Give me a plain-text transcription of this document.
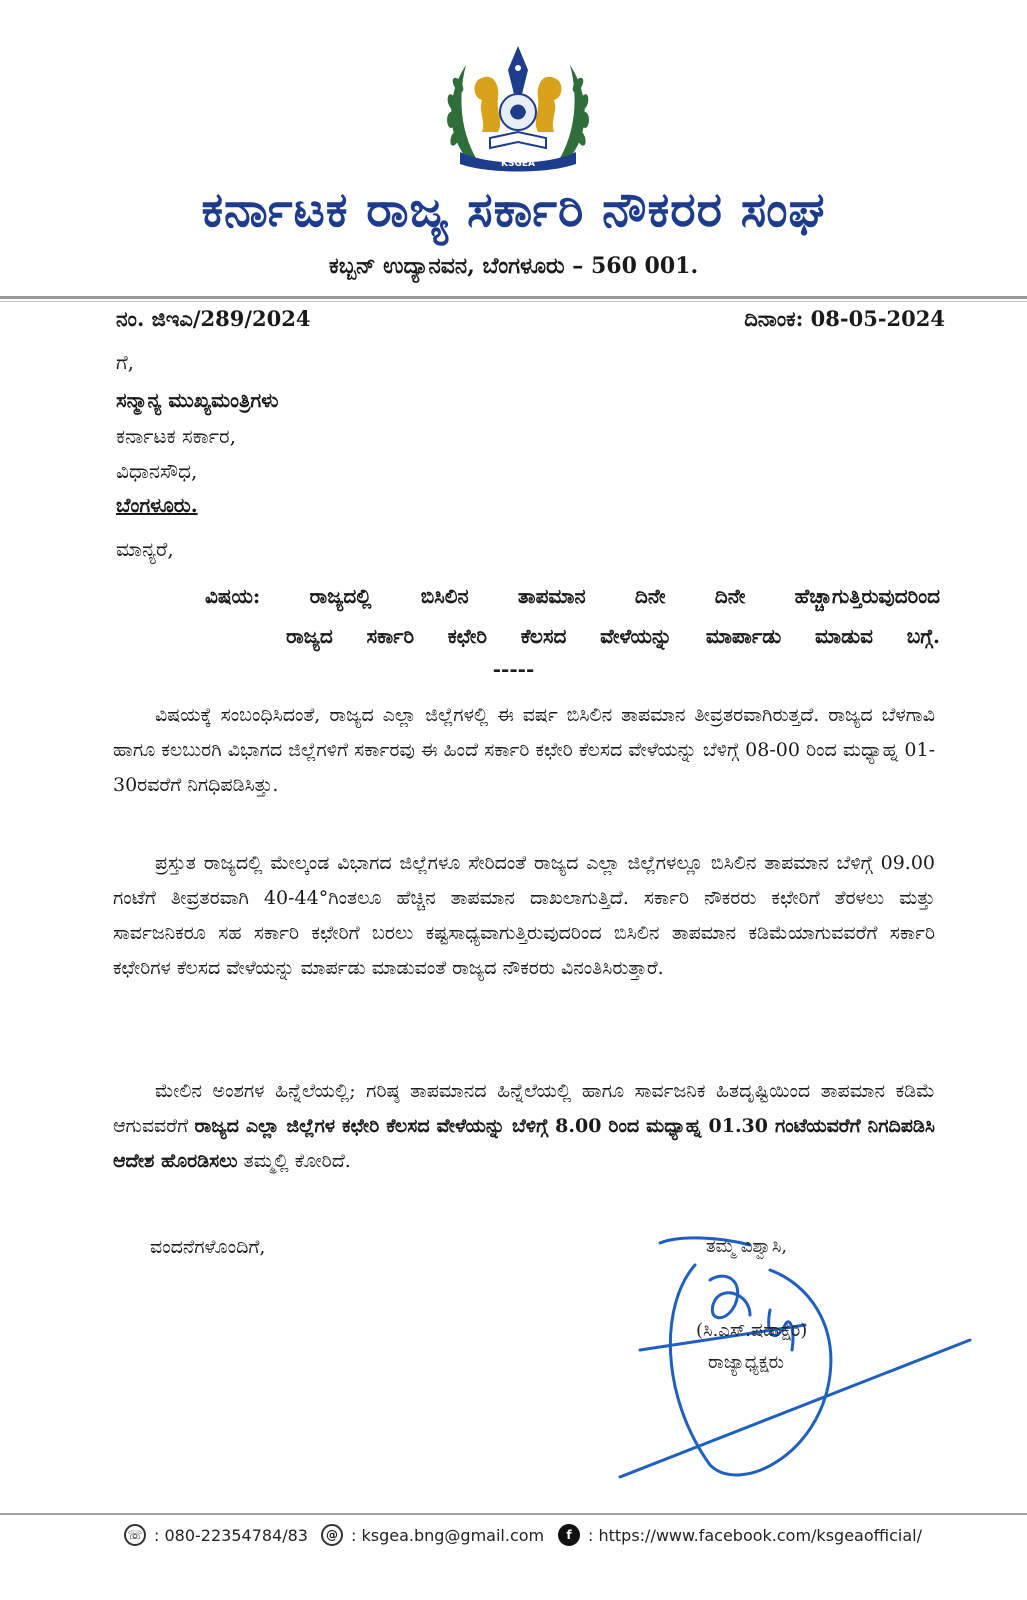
KSGEA
ಕರ್ನಾಟಕ ರಾಜ್ಯ ಸರ್ಕಾರಿ ನೌಕರರ ಸಂಘ
ಕಬ್ಬನ್ ಉದ್ಯಾನವನ, ಬೆಂಗಳೂರು – 560 001.
ನಂ. ಜಿಇಎ/289/2024	ದಿನಾಂಕ: 08-05-2024
ಗೆ,
ಸನ್ಮಾನ್ಯ ಮುಖ್ಯಮಂತ್ರಿಗಳು
ಕರ್ನಾಟಕ ಸರ್ಕಾರ,
ವಿಧಾನಸೌಧ,
ಬೆಂಗಳೂರು.
ಮಾನ್ಯರೆ,
ವಿಷಯ: ರಾಜ್ಯದಲ್ಲಿ ಬಿಸಿಲಿನ ತಾಪಮಾನ ದಿನೇ ದಿನೇ ಹೆಚ್ಚಾಗುತ್ತಿರುವುದರಿಂದ
ರಾಜ್ಯದ ಸರ್ಕಾರಿ ಕಛೇರಿ ಕೆಲಸದ ವೇಳೆಯನ್ನು ಮಾರ್ಪಾಡು ಮಾಡುವ ಬಗ್ಗೆ.
-----

ವಿಷಯಕ್ಕೆ ಸಂಬಂಧಿಸಿದಂತೆ, ರಾಜ್ಯದ ಎಲ್ಲಾ ಜಿಲ್ಲೆಗಳಲ್ಲಿ ಈ ವರ್ಷ ಬಿಸಿಲಿನ ತಾಪಮಾನ ತೀವ್ರತರವಾಗಿರುತ್ತದೆ. ರಾಜ್ಯದ ಬೆಳಗಾವಿ ಹಾಗೂ ಕಲಬುರಗಿ ವಿಭಾಗದ ಜಿಲ್ಲೆಗಳಿಗೆ ಸರ್ಕಾರವು ಈ ಹಿಂದೆ ಸರ್ಕಾರಿ ಕಛೇರಿ ಕೆಲಸದ ವೇಳೆಯನ್ನು ಬೆಳಿಗ್ಗೆ 08-00 ರಿಂದ ಮಧ್ಯಾಹ್ನ 01-30ರವರೆಗೆ ನಿಗಧಿಪಡಿಸಿತ್ತು.

ಪ್ರಸ್ತುತ ರಾಜ್ಯದಲ್ಲಿ ಮೇಲ್ಕಂಡ ವಿಭಾಗದ ಜಿಲ್ಲೆಗಳೂ ಸೇರಿದಂತೆ ರಾಜ್ಯದ ಎಲ್ಲಾ ಜಿಲ್ಲೆಗಳಲ್ಲೂ ಬಿಸಿಲಿನ ತಾಪಮಾನ ಬೆಳಿಗ್ಗೆ 09.00 ಗಂಟೆಗೆ ತೀವ್ರತರವಾಗಿ 40-44°ಗಿಂತಲೂ ಹೆಚ್ಚಿನ ತಾಪಮಾನ ದಾಖಲಾಗುತ್ತಿದೆ. ಸರ್ಕಾರಿ ನೌಕರರು ಕಛೇರಿಗೆ ತೆರಳಲು ಮತ್ತು ಸಾರ್ವಜನಿಕರೂ ಸಹ ಸರ್ಕಾರಿ ಕಛೇರಿಗೆ ಬರಲು ಕಷ್ಟಸಾಧ್ಯವಾಗುತ್ತಿರುವುದರಿಂದ ಬಿಸಿಲಿನ ತಾಪಮಾನ ಕಡಿಮೆಯಾಗುವವರೆಗೆ ಸರ್ಕಾರಿ ಕಛೇರಿಗಳ ಕೆಲಸದ ವೇಳೆಯನ್ನು ಮಾರ್ಪಡು ಮಾಡುವಂತೆ ರಾಜ್ಯದ ನೌಕರರು ವಿನಂತಿಸಿರುತ್ತಾರೆ.

ಮೇಲಿನ ಅಂಶಗಳ ಹಿನ್ನೆಲೆಯಲ್ಲಿ; ಗರಿಷ್ಠ ತಾಪಮಾನದ ಹಿನ್ನೆಲೆಯಲ್ಲಿ ಹಾಗೂ ಸಾರ್ವಜನಿಕ ಹಿತದೃಷ್ಟಿಯಿಂದ ತಾಪಮಾನ ಕಡಿಮೆ ಆಗುವವರೆಗೆ ರಾಜ್ಯದ ಎಲ್ಲಾ ಜಿಲ್ಲೆಗಳ ಕಛೇರಿ ಕೆಲಸದ ವೇಳೆಯನ್ನು ಬೆಳಿಗ್ಗೆ 8.00 ರಿಂದ ಮಧ್ಯಾಹ್ನ 01.30 ಗಂಟೆಯವರೆಗೆ ನಿಗದಿಪಡಿಸಿ ಆದೇಶ ಹೊರಡಿಸಲು ತಮ್ಮಲ್ಲಿ ಕೋರಿದೆ.

ವಂದನೆಗಳೊಂದಿಗೆ,	ತಮ್ಮ ವಿಶ್ವಾಸಿ,
(ಸಿ.ಎಸ್.ಷಡಾಕ್ಷರಿ)
ರಾಜ್ಯಾಧ್ಯಕ್ಷರು
☏ : 080-22354784/83	@ : ksgea.bng@gmail.com	f	: https://www.facebook.com/ksgeaofficial/
